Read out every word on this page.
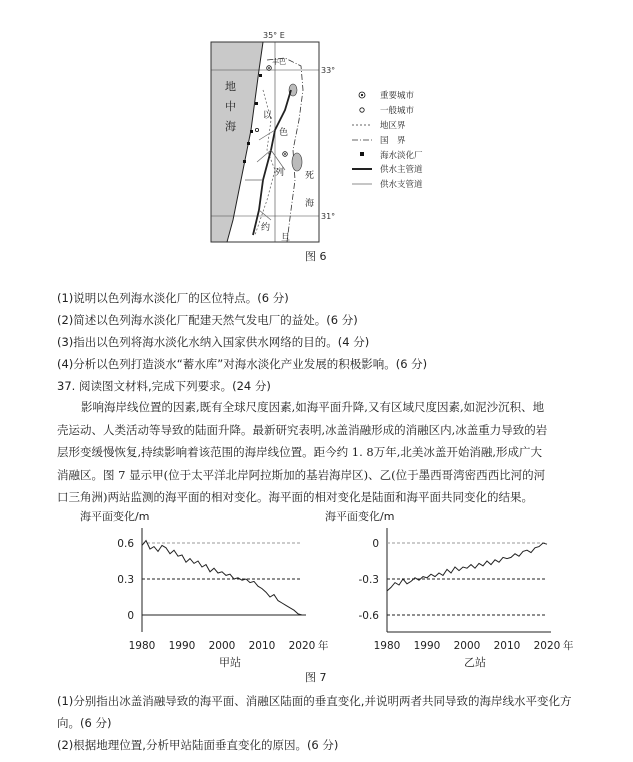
35° E
33°
31°
地
中
海
丰巴
以
色
列 死
海
约
旦
重要城市
一般城市
地区界
国　界
海水淡化厂
供水主管道
供水支管道
图 6
(1)说明以色列海水淡化厂的区位特点。(6 分)
(2)简述以色列海水淡化厂配建天然气发电厂的益处。(6 分)
(3)指出以色列将海水淡化水纳入国家供水网络的目的。(4 分)
(4)分析以色列打造淡水“蓄水库”对海水淡化产业发展的积极影响。(6 分)
37. 阅读图文材料,完成下列要求。(24 分)
影响海岸线位置的因素,既有全球尺度因素,如海平面升降,又有区域尺度因素,如泥沙沉积、地
壳运动、人类活动等导致的陆面升降。最新研究表明,冰盖消融形成的消融区内,冰盖重力导致的岩
层形变缓慢恢复,持续影响着该范围的海岸线位置。距今约 1. 8万年,北美冰盖开始消融,形成广大
消融区。图 7 显示甲(位于太平洋北岸阿拉斯加的基岩海岸区)、乙(位于墨西哥湾密西西比河的河
口三角洲)两站监测的海平面的相对变化。海平面的相对变化是陆面和海平面共同变化的结果。
海平面变化/m
0.6
0.3
0
1980 1990 2000 2010 2020 年
甲站
海平面变化/m
0
-0.3
-0.6
1980 1990 2000 2010 2020 年
乙站
图 7
(1)分别指出冰盖消融导致的海平面、消融区陆面的垂直变化,并说明两者共同导致的海岸线水平变化方
向。(6 分)
(2)根据地理位置,分析甲站陆面垂直变化的原因。(6 分)
